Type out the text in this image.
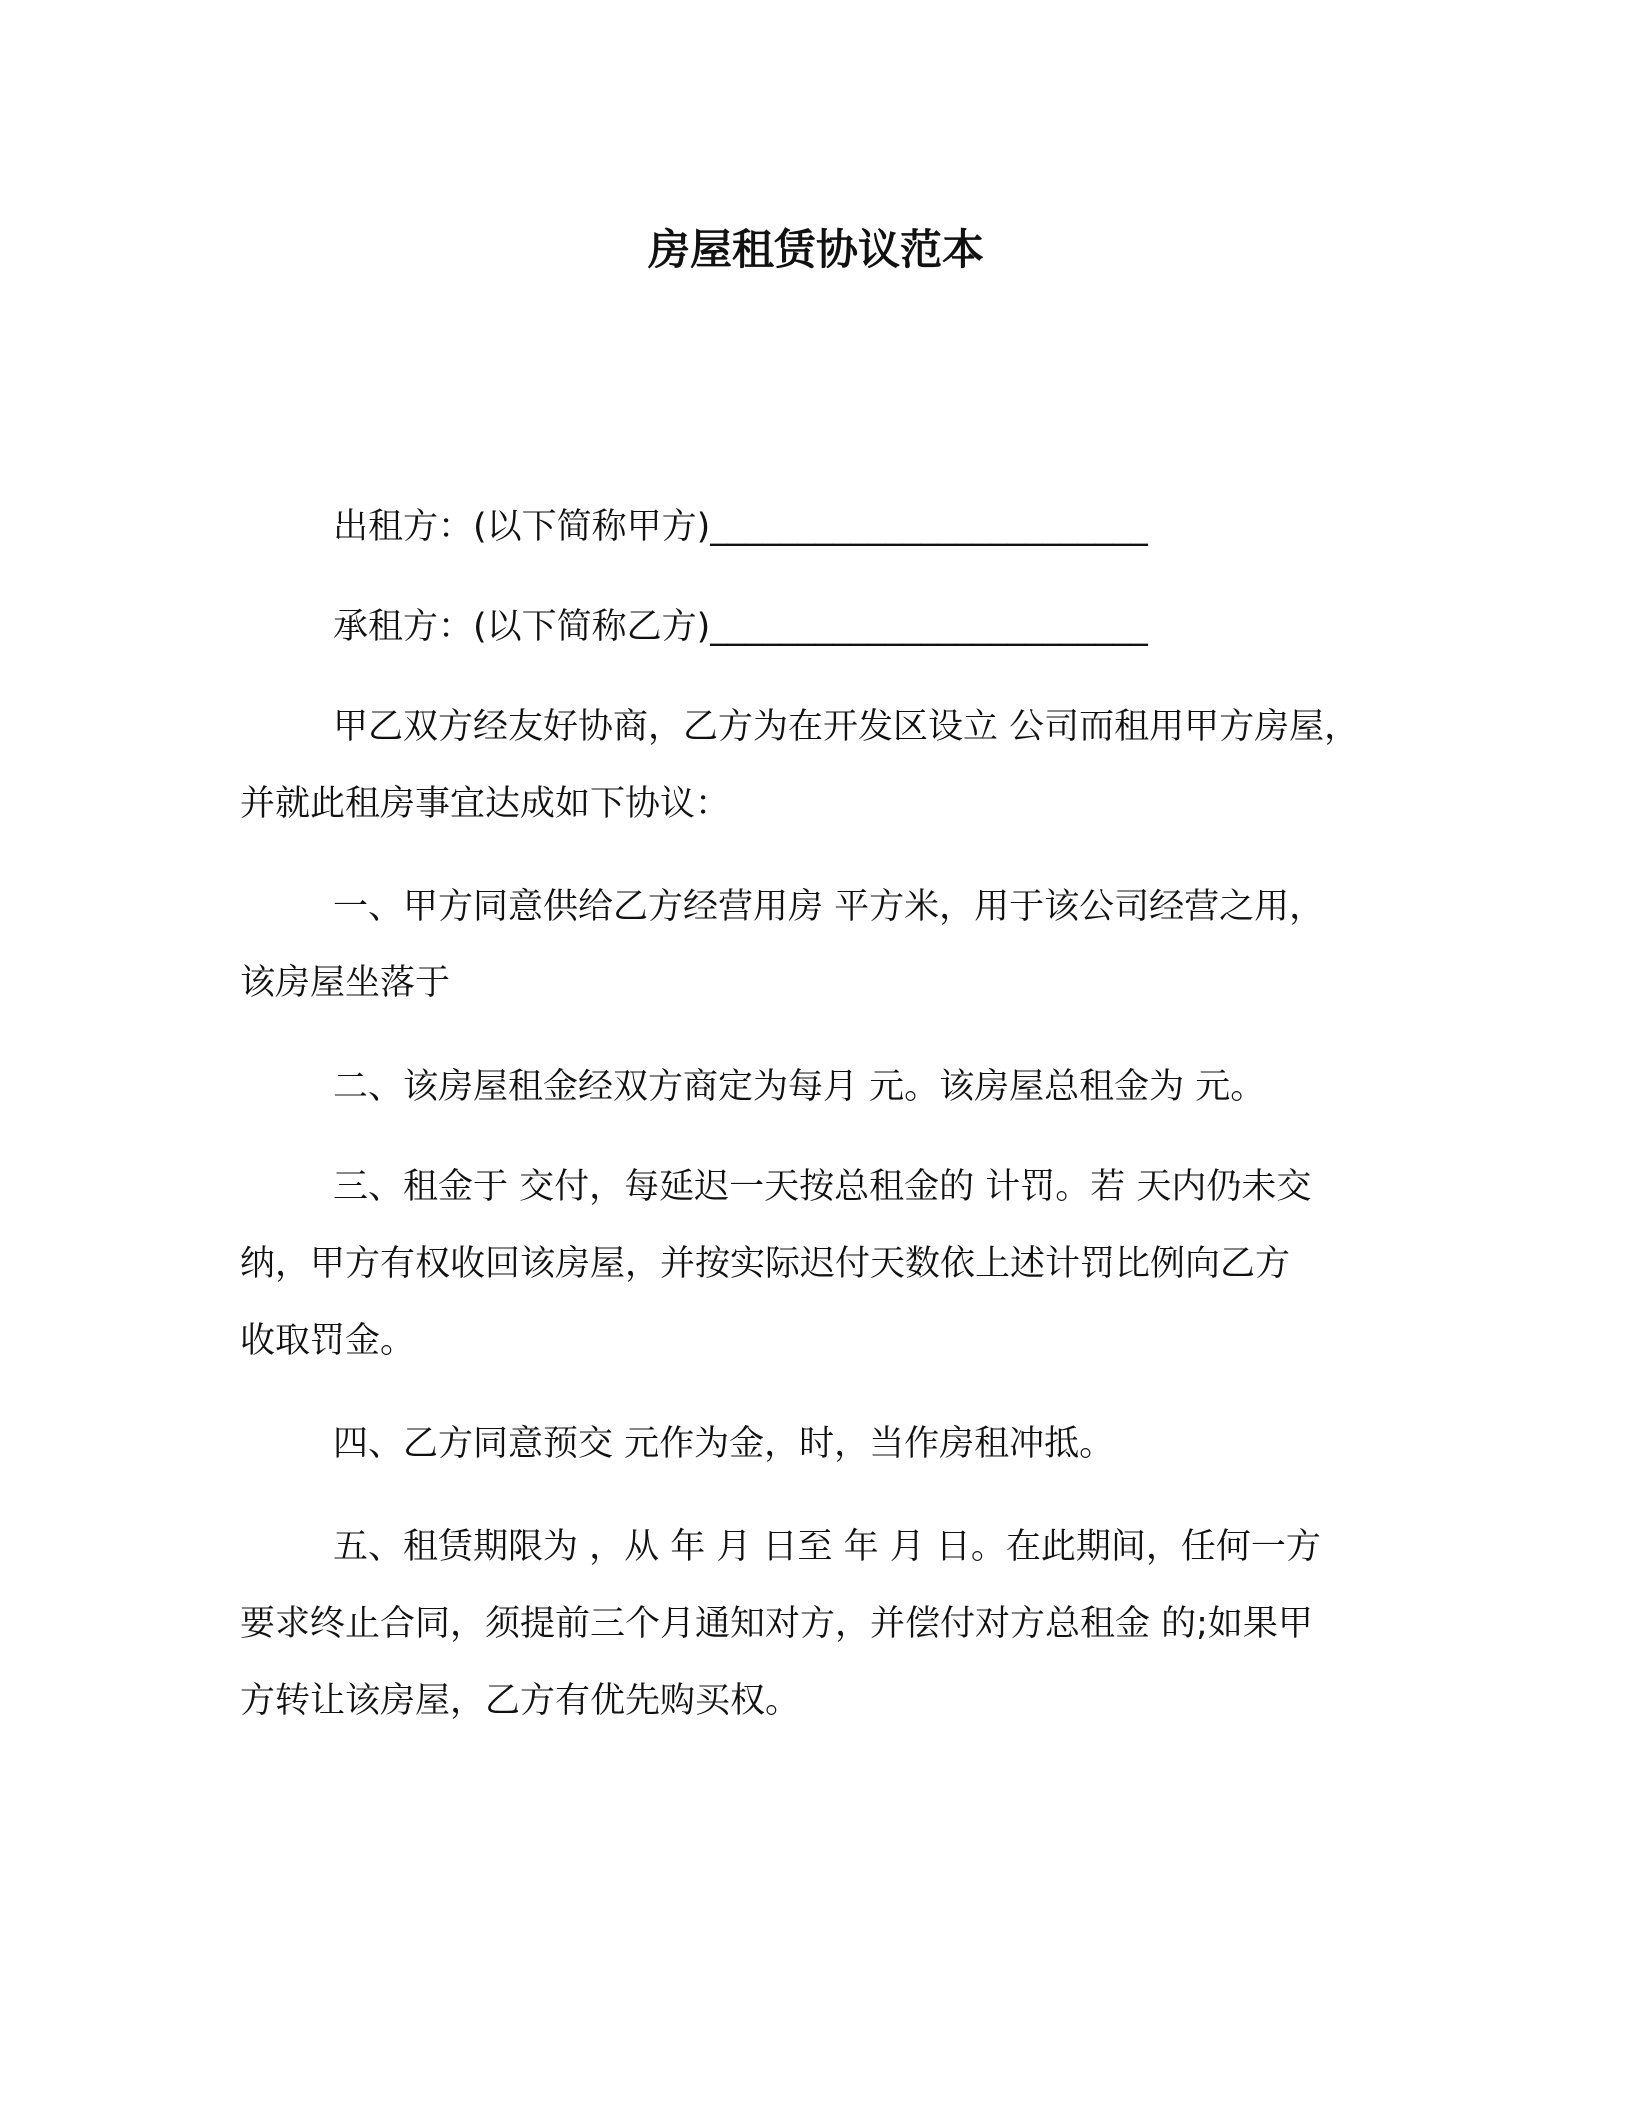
房屋租赁协议范本
出租方：(以下简称甲方)_________________________
承租方：(以下简称乙方)_________________________
甲乙双方经友好协商，乙方为在开发区设立 公司而租用甲方房屋，
并就此租房事宜达成如下协议：
一、甲方同意供给乙方经营用房 平方米，用于该公司经营之用，
该房屋坐落于
二、该房屋租金经双方商定为每月 元。该房屋总租金为 元。
三、租金于 交付，每延迟一天按总租金的 计罚。若 天内仍未交
纳，甲方有权收回该房屋，并按实际迟付天数依上述计罚比例向乙方
收取罚金。
四、乙方同意预交 元作为金，时，当作房租冲抵。
五、租赁期限为 ，从 年 月 日至 年 月 日。在此期间，任何一方
要求终止合同，须提前三个月通知对方，并偿付对方总租金 的;如果甲
方转让该房屋，乙方有优先购买权。
